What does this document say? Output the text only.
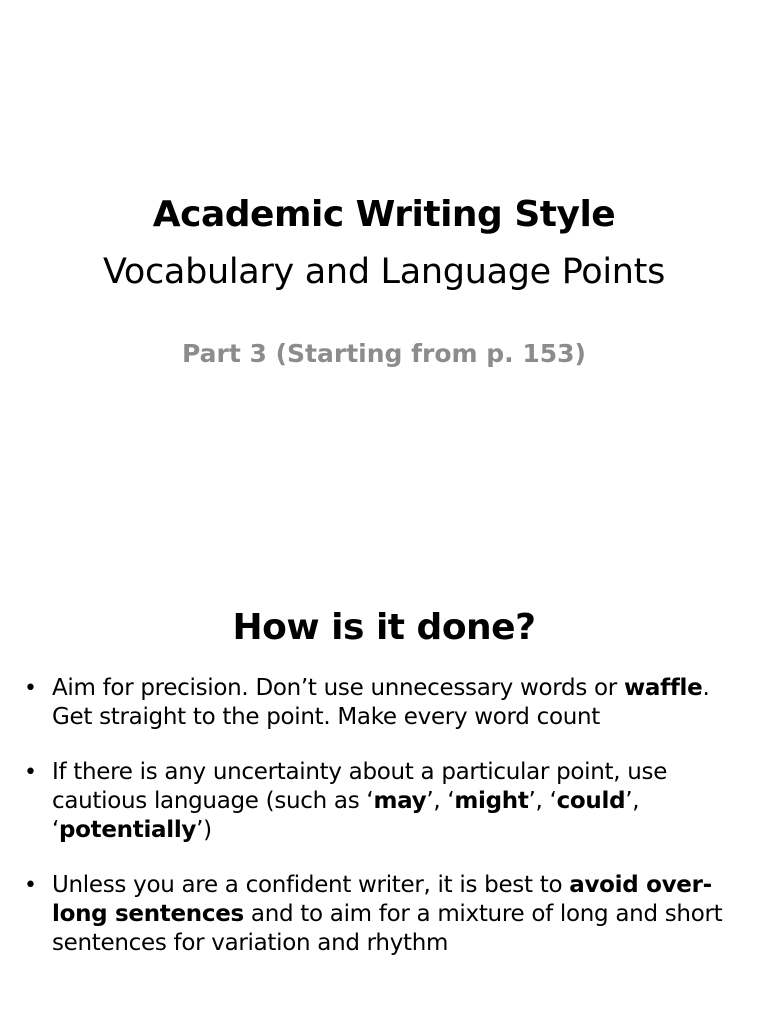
Academic Writing Style
Vocabulary and Language Points
Part 3 (Starting from p. 153)
How is it done?
• Aim for precision. Don’t use unnecessary words or waffle. Get straight to the point. Make every word count
• If there is any uncertainty about a particular point, use cautious language (such as ‘may’, ‘might’, ‘could’, ‘potentially’)
• Unless you are a confident writer, it is best to avoid over-long sentences and to aim for a mixture of long and short sentences for variation and rhythm
